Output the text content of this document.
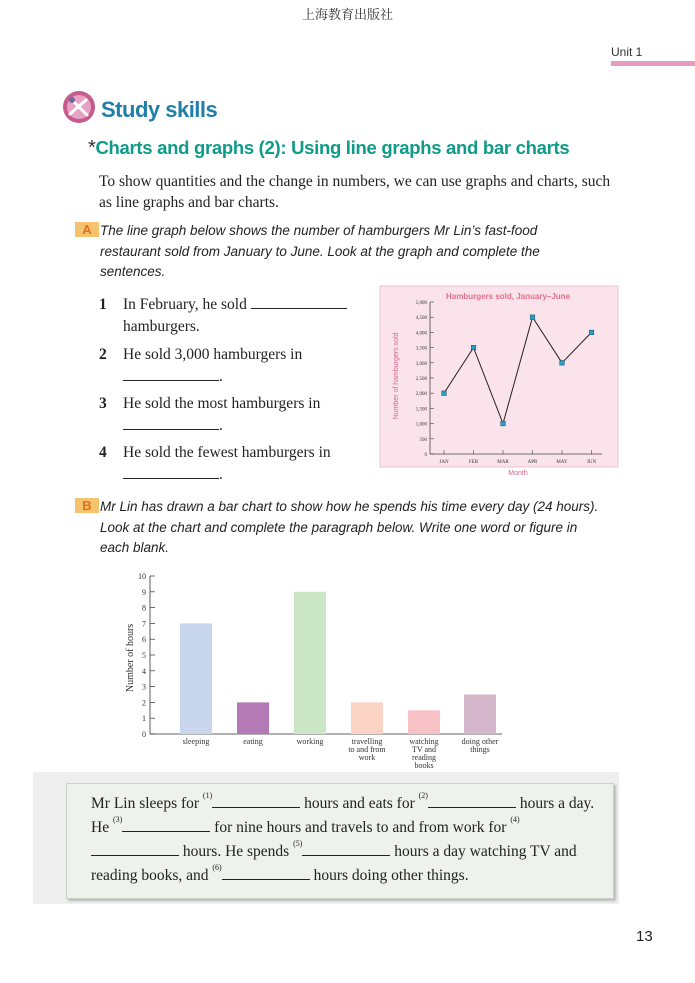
上海教育出版社
Unit 1
Study skills
*Charts and graphs (2): Using line graphs and bar charts
To show quantities and the change in numbers, we can use graphs and charts, such as line graphs and bar charts.
A The line graph below shows the number of hamburgers Mr Lin’s fast-food restaurant sold from January to June. Look at the graph and complete the sentences.
1 In February, he sold
hamburgers.
2 He sold 3,000 hamburgers in
.
3 He sold the most hamburgers in
.
4 He sold the fewest hamburgers in
.
Hamburgers sold, January–June
Month
Number of hamburgers sold
0
500
1,000
1,500
2,000
2,500
3,000
3,500
4,000
4,500
5,000
JAN	FEB	MAR	APR	MAY	JUN
B Mr Lin has drawn a bar chart to show how he spends his time every day (24 hours). Look at the chart and complete the paragraph below. Write one word or figure in each blank.
Number of hours
0
1
2
3
4
5
6
7
8
9
10
sleeping	eating	working	travelling
to and from
work
watching
TV and
reading
books
doing other
things

Mr Lin sleeps for $^{(1)}$	hours and eats for $^{(2)}$	hours a day. He $^{(3)}$	for nine hours and travels to and from work for $^{(4)}$ hours. He spends $^{(5)}$	hours a day watching TV and reading books, and $^{(6)}$	hours doing other things.

13
